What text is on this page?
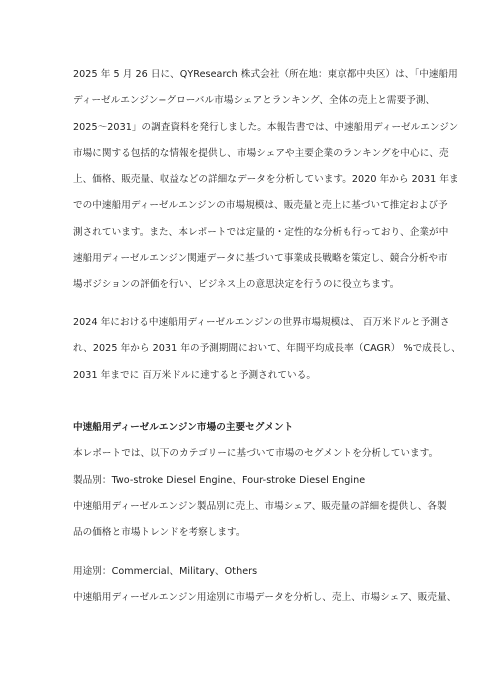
2025 年 5 月 26 日に、QYResearch 株式会社（所在地：東京都中央区）は、「中速船用
ディーゼルエンジン−グローバル市場シェアとランキング、全体の売上と需要予測、
2025〜2031」の調査資料を発行しました。本報告書では、中速船用ディーゼルエンジン
市場に関する包括的な情報を提供し、市場シェアや主要企業のランキングを中心に、売
上、価格、販売量、収益などの詳細なデータを分析しています。2020 年から 2031 年ま
での中速船用ディーゼルエンジンの市場規模は、販売量と売上に基づいて推定および予
測されています。また、本レポートでは定量的・定性的な分析も行っており、企業が中
速船用ディーゼルエンジン関連データに基づいて事業成長戦略を策定し、競合分析や市
場ポジションの評価を行い、ビジネス上の意思決定を行うのに役立ちます。
2024 年における中速船用ディーゼルエンジンの世界市場規模は、 百万米ドルと予測さ
れ、2025 年から 2031 年の予測期間において、年間平均成長率（CAGR） %で成長し、
2031 年までに 百万米ドルに達すると予測されている。
中速船用ディーゼルエンジン市場の主要セグメント
本レポートでは、以下のカテゴリーに基づいて市場のセグメントを分析しています。
製品別：Two-stroke Diesel Engine、Four-stroke Diesel Engine
中速船用ディーゼルエンジン製品別に売上、市場シェア、販売量の詳細を提供し、各製
品の価格と市場トレンドを考察します。
用途別：Commercial、Military、Others
中速船用ディーゼルエンジン用途別に市場データを分析し、売上、市場シェア、販売量、
